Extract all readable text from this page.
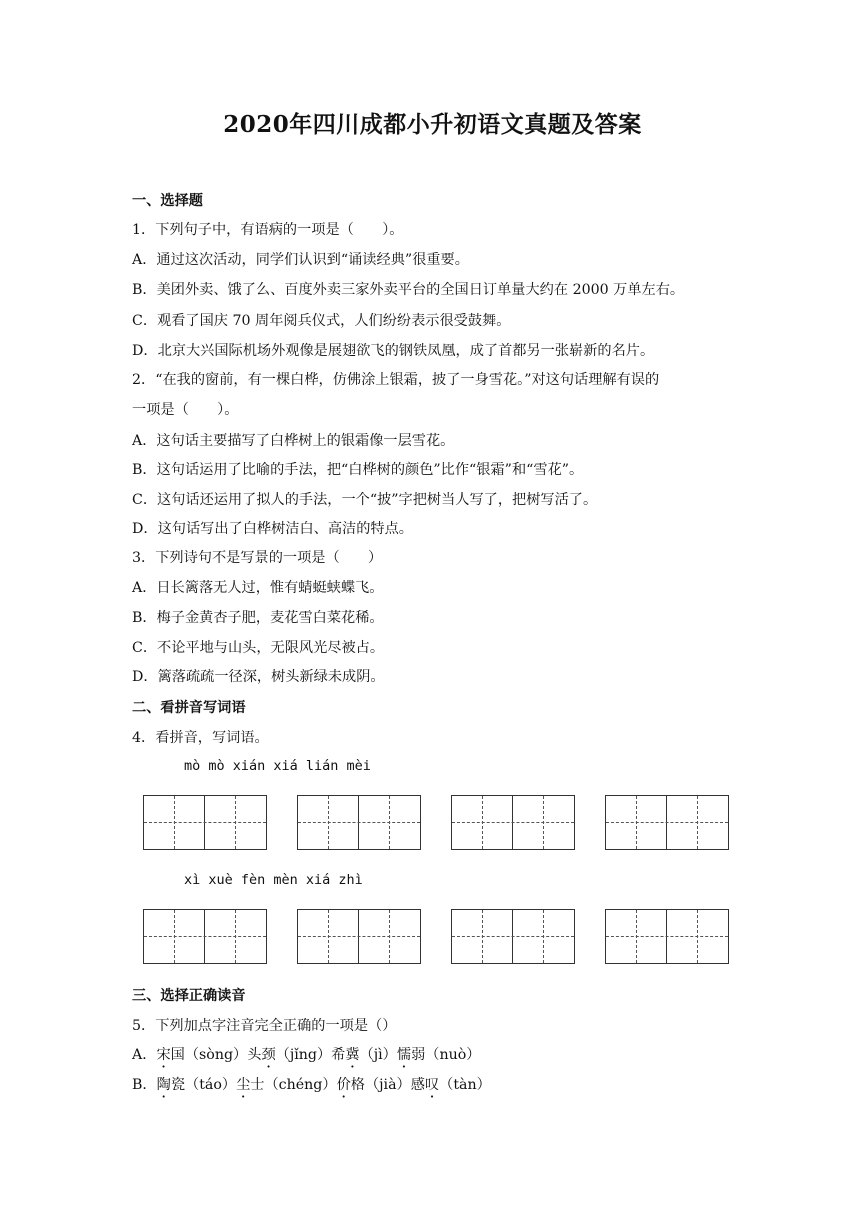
2020年四川成都小升初语文真题及答案
一、选择题
1．下列句子中，有语病的一项是（　　）。
A．通过这次活动，同学们认识到“诵读经典”很重要。
B．美团外卖、饿了么、百度外卖三家外卖平台的全国日订单量大约在 2000 万单左右。
C．观看了国庆 70 周年阅兵仪式，人们纷纷表示很受鼓舞。
D．北京大兴国际机场外观像是展翅欲飞的钢铁凤凰，成了首都另一张崭新的名片。
2．“在我的窗前，有一棵白桦，仿佛涂上银霜，披了一身雪花。”对这句话理解有误的
一项是（　　）。
A．这句话主要描写了白桦树上的银霜像一层雪花。
B．这句话运用了比喻的手法，把“白桦树的颜色”比作“银霜”和“雪花”。
C．这句话还运用了拟人的手法，一个“披”字把树当人写了，把树写活了。
D．这句话写出了白桦树洁白、高洁的特点。
3．下列诗句不是写景的一项是（　　）
A．日长篱落无人过，惟有蜻蜓蛱蝶飞。
B．梅子金黄杏子肥，麦花雪白菜花稀。
C．不论平地与山头，无限风光尽被占。
D．篱落疏疏一径深，树头新绿未成阴。
二、看拼音写词语
4．看拼音，写词语。
mò mò xián xiá lián mèi
xì xuè fèn mèn xiá zhì
三、选择正确读音
5．下列加点字注音完全正确的一项是（）
A．宋国（sòng）头颈（jǐng）希冀（jì）懦弱（nuò）
B．陶瓷（táo）尘士（chéng）价格（jià）感叹（tàn）
